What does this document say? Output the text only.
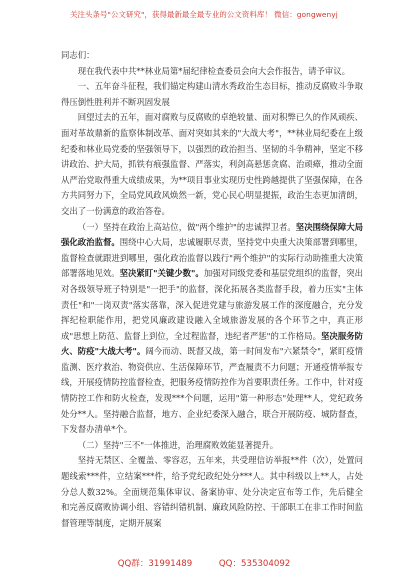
关注头条号"公文研究"，获得最新最全最专业的公文资料库！ 微信：gongwenyj

同志们：

现在我代表中共**林业局第*届纪律检查委员会向大会作报告，请予审议。

一、五年奋斗征程，我们锚定构建山清水秀政治生态目标，推动反腐败斗争取得压倒性胜利并不断巩固发展

回望过去的五年，面对腐败与反腐败的卓绝较量、面对积弊已久的作风顽疾、面对革故鼎新的监察体制改革、面对突如其来的"大战大考"，**林业局纪委在上级纪委和林业局党委的坚强领导下，以强烈的政治担当、坚韧的斗争精神，坚定不移讲政治、护大局，抓铁有痕强监督、严落实，利剑高悬惩贪腐、治顽瘴，推动全面从严治党取得重大成绩成果，为**项目事业实现历史性跨越提供了坚强保障，在各方共同努力下，全局党风政风焕然一新，党心民心明显提振，政治生态更加清朗，交出了一份满意的政治答卷。

（一）坚持在政治上高站位，做"两个维护"的忠诚捍卫者。坚决围绕保障大局强化政治监督。围绕中心大局，忠诚履职尽责，坚持党中央重大决策部署到哪里，监督检查就跟进到哪里，强化政治监督以践行"两个维护"的实际行动助推重大决策部署落地见效。坚决紧盯"关键少数"。加强对同级党委和基层党组织的监督，突出对各级领导班子特别是"一把手"的监督，深化拓展各类监督手段，着力压实"主体责任"和"一岗双责"落实落靠，深入促进党建与旅游发展工作的深度融合，充分发挥纪检职能作用，把党风廉政建设融入全域旅游发展的各个环节之中，真正形成"思想上防范、监督上到位，全过程监督，违纪者严惩"的工作格局。坚决服务防火、防疫"大战大考"。阔今而动、既督又战，第一时间发布"六紧禁令"，紧盯疫情监测、医疗救治、物资供应、生活保障环节，严查履责不力问题；开通疫情举报专线，开展疫情防控监督检查，把服务疫情防控作为首要职责任务。工作中，针对疫情防控工作和防火检查，发现***个问题，运用"第一种形态"处理**人，党纪政务处分**人。坚持融合监督，地方、企业纪委深入融合，联合开展防疫、城防督查，下发督办清单*个。

（二）坚持"三不"一体推进，治理腐败效能显著提升。

坚持无禁区、全覆盖、零容忍，五年来，共受理信访举报**件（次），处置问题线索***件，立结案***件，给予党纪政纪处分***人。其中科级以上**人，占处分总人数32%。全面规范集体审议、备案协审、处分决定宣布等工作，先后健全和完善反腐败协调小组、容错纠错机制、廉政风险防控、干部职工在非工作时间监督管理等制度，定期开展案

QQ群：31991489	QQ：535304092
